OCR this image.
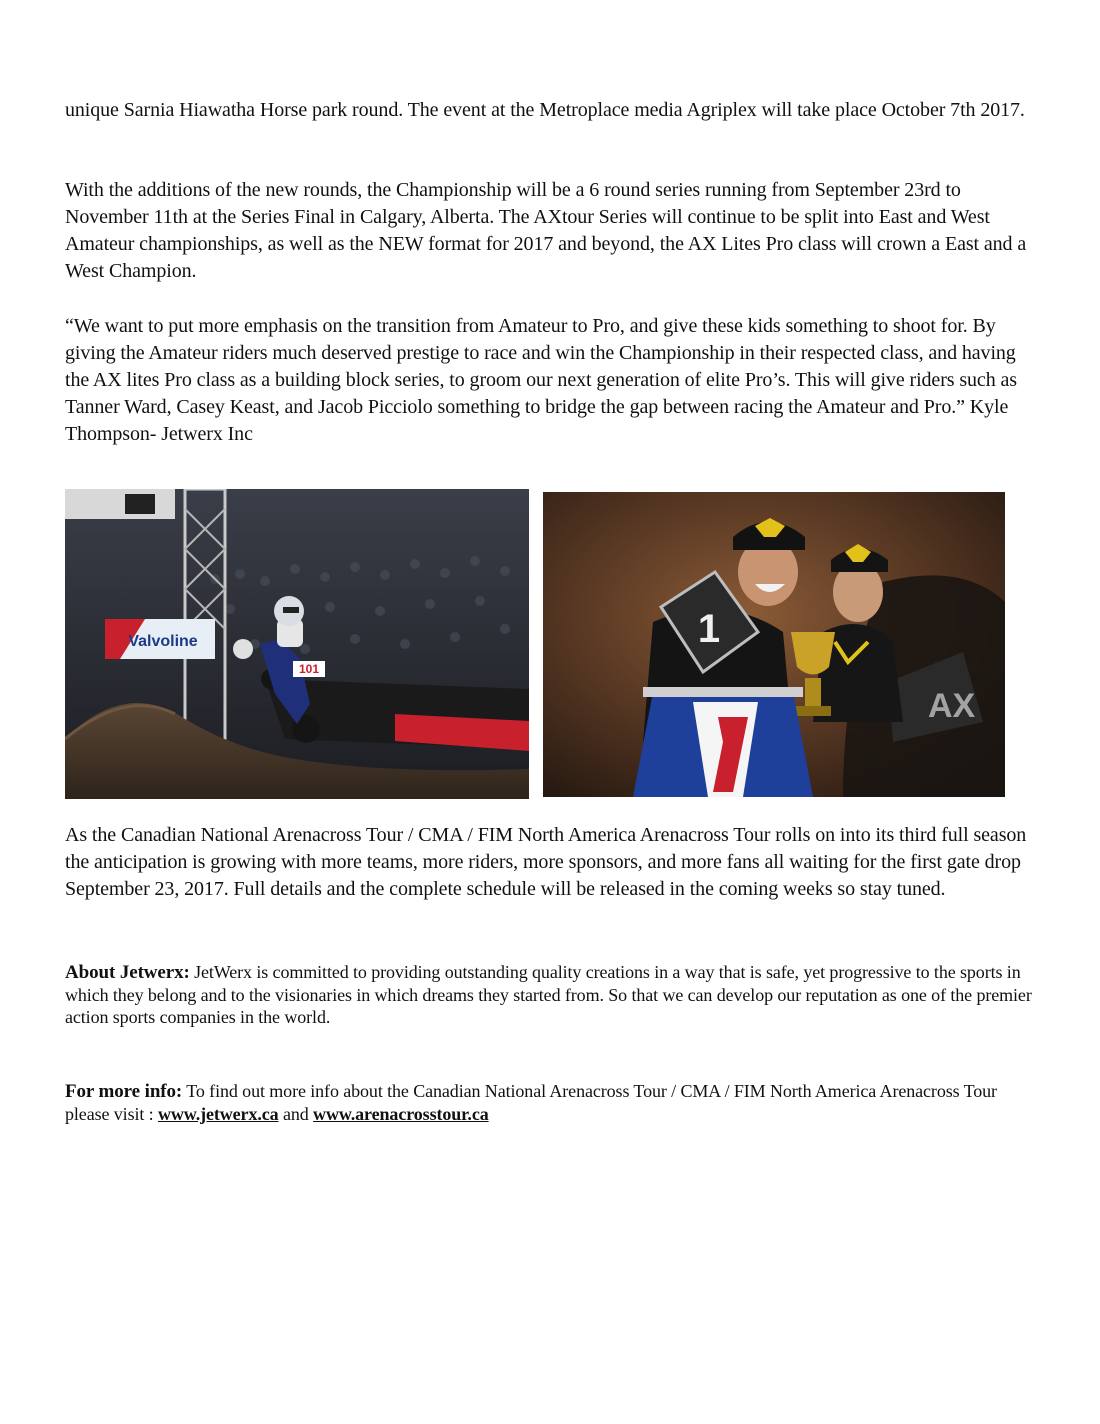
unique Sarnia Hiawatha Horse park round. The event at the Metroplace media Agriplex will take place October 7th 2017.

With the additions of the new rounds, the Championship will be a 6 round series running from September 23rd to November 11th at the Series Final in Calgary, Alberta. The AXtour Series will continue to be split into East and West Amateur championships, as well as the NEW format for 2017 and beyond, the AX Lites Pro class will crown a East and a West Champion.

“We want to put more emphasis on the transition from Amateur to Pro, and give these kids something to shoot for. By giving the Amateur riders much deserved prestige to race and win the Championship in their respected class, and having the AX lites Pro class as a building block series, to groom our next generation of elite Pro’s. This will give riders such as Tanner Ward, Casey Keast, and Jacob Picciolo something to bridge the gap between racing the Amateur and Pro.” Kyle Thompson- Jetwerx Inc

Valvoline
101
AX
1

As the Canadian National Arenacross Tour / CMA / FIM North America Arenacross Tour rolls on into its third full season the anticipation is growing with more teams, more riders, more sponsors, and more fans all waiting for the first gate drop September 23, 2017. Full details and the complete schedule will be released in the coming weeks so stay tuned.

About Jetwerx: JetWerx is committed to providing outstanding quality creations in a way that is safe, yet progressive to the sports in which they belong and to the visionaries in which dreams they started from. So that we can develop our reputation as one of the premier action sports companies in the world.

For more info: To find out more info about the Canadian National Arenacross Tour / CMA / FIM North America Arenacross Tour please visit : www.jetwerx.ca and www.arenacrosstour.ca
